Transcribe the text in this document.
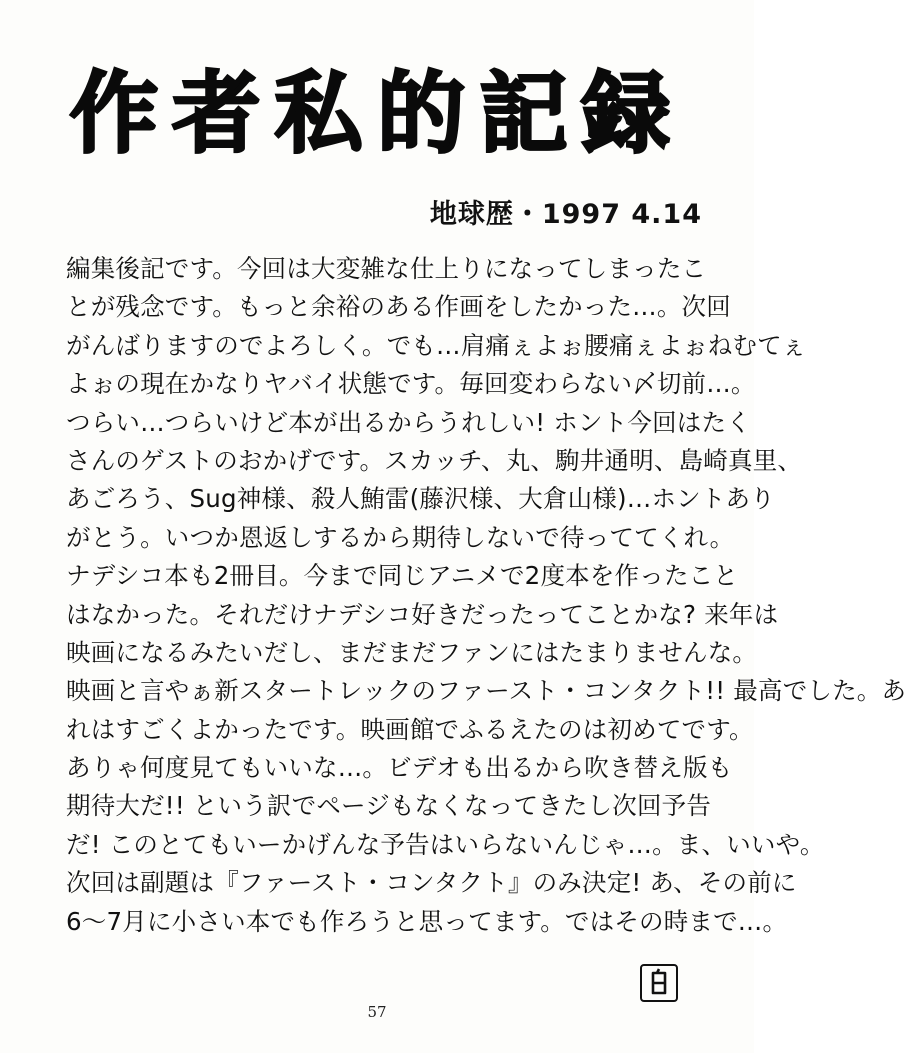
作 者 私 的 記 録
地球歴・1997 4.14
編集後記です。今回は大変雑な仕上りになってしまったこ
とが残念です。もっと余裕のある作画をしたかった…。次回
がんばりますのでよろしく。でも…肩痛ぇよぉ腰痛ぇよぉねむてぇ
よぉの現在かなりヤバイ状態です。毎回変わらない〆切前…。
つらい…つらいけど本が出るからうれしい! ホント今回はたく
さんのゲストのおかげです。スカッチ、丸、駒井通明、島崎真里、
あごろう、Sug神様、殺人鮪雷(藤沢様、大倉山様)…ホントあり
がとう。いつか恩返しするから期待しないで待っててくれ。
ナデシコ本も2冊目。今まで同じアニメで2度本を作ったこと
はなかった。それだけナデシコ好きだったってことかな? 来年は
映画になるみたいだし、まだまだファンにはたまりませんな。
映画と言やぁ新スタートレックのファースト・コンタクト!! 最高でした。あ
れはすごくよかったです。映画館でふるえたのは初めてです。
ありゃ何度見てもいいな…。ビデオも出るから吹き替え版も
期待大だ!! という訳でページもなくなってきたし次回予告
だ! このとてもいーかげんな予告はいらないんじゃ…。ま、いいや。
次回は副題は『ファースト・コンタクト』のみ決定! あ、その前に
6〜7月に小さい本でも作ろうと思ってます。ではその時まで…。
57
